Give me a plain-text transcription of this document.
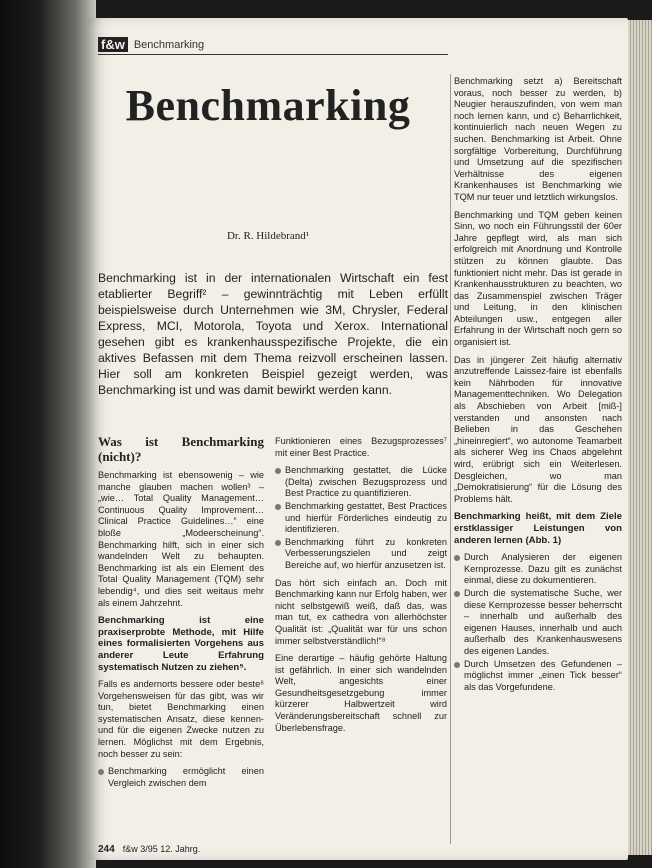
f&w Benchmarking
Benchmarking
Dr. R. Hildebrand¹
Benchmarking ist in der internationalen Wirtschaft ein fest etablierter Begriff² – gewinnträchtig mit Leben erfüllt beispielsweise durch Unternehmen wie 3M, Chrysler, Federal Express, MCI, Motorola, Toyota und Xerox. International gesehen gibt es krankenhausspezifische Projekte, die ein aktives Befassen mit dem Thema reizvoll erscheinen lassen. Hier soll am konkreten Beispiel gezeigt werden, was Benchmarking ist und was damit bewirkt werden kann.
Was ist Benchmarking (nicht)?

Benchmarking ist ebensowenig – wie manche glauben machen wollen³ – „wie… Total Quality Management… Continuous Quality Improvement… Clinical Practice Guidelines…“ eine bloße „Modeerscheinung“. Benchmarking hilft, sich in einer sich wandelnden Welt zu behaupten. Benchmarking ist als ein Element des Total Quality Management (TQM) sehr lebendig⁴, und dies seit weitaus mehr als einem Jahrzehnt.

Benchmarking ist eine praxiserprobte Methode, mit Hilfe eines formalisierten Vorgehens aus anderer Leute Erfahrung systematisch Nutzen zu ziehen⁵.

Falls es andernorts bessere oder beste⁶ Vorgehensweisen für das gibt, was wir tun, bietet Benchmarking einen systematischen Ansatz, diese kennen- und für die eigenen Zwecke nutzen zu lernen. Möglichst mit dem Ergebnis, noch besser zu sein:

Benchmarking ermöglicht einen Vergleich zwischen dem

Funktionieren eines Bezugsprozesses⁷ mit einer Best Practice.

Benchmarking gestattet, die Lücke (Delta) zwischen Bezugsprozess und Best Practice zu quantifizieren.
Benchmarking gestattet, Best Practices und hierfür Förderliches eindeutig zu identifizieren.
Benchmarking führt zu konkreten Verbesserungszielen und zeigt Bereiche auf, wo hierfür anzusetzen ist.

Das hört sich einfach an. Doch mit Benchmarking kann nur Erfolg haben, wer nicht selbstgewiß weiß, daß das, was man tut, ex cathedra von allerhöchster Qualität ist: „Qualität war für uns schon immer selbstverständlich!“⁸

Eine derartige – häufig gehörte Haltung ist gefährlich. In einer sich wandelnden Welt, angesichts einer Gesundheitsgesetzgebung immer kürzerer Halbwertzeit wird Veränderungsbereitschaft schnell zur Überlebensfrage.

Benchmarking setzt a) Bereitschaft voraus, noch besser zu werden, b) Neugier herauszufinden, von wem man noch lernen kann, und c) Beharrlichkeit, kontinuierlich nach neuen Wegen zu suchen. Benchmarking ist Arbeit. Ohne sorgfältige Vorbereitung, Durchführung und Umsetzung auf die spezifischen Verhältnisse des eigenen Krankenhauses ist Benchmarking wie TQM nur teuer und letztlich wirkungslos.

Benchmarking und TQM geben keinen Sinn, wo noch ein Führungsstil der 60er Jahre gepflegt wird, als man sich erfolgreich mit Anordnung und Kontrolle stützen zu können glaubte. Das funktioniert nicht mehr. Das ist gerade in Krankenhausstrukturen zu beachten, wo das Zusammenspiel zwischen Träger und Leitung, in den klinischen Abteilungen usw., entgegen aller Erfahrung in der Wirtschaft noch gern so organisiert ist.

Das in jüngerer Zeit häufig alternativ anzutreffende Laissez-faire ist ebenfalls kein Nährboden für innovative Managementtechniken. Wo Delegation als Abschieben von Arbeit [miß-] verstanden und ansonsten nach Belieben in das Geschehen „hineinregiert“, wo autonome Teamarbeit als sicherer Weg ins Chaos abgelehnt wird, erübrigt sich ein Weiterlesen. Desgleichen, wo man „Demokratisierung“ für die Lösung des Problems hält.

Benchmarking heißt, mit dem Ziele erstklassiger Leistungen von anderen lernen (Abb. 1)
Durch Analysieren der eigenen Kernprozesse. Dazu gilt es zunächst einmal, diese zu dokumentieren.
Durch die systematische Suche, wer diese Kernprozesse besser beherrscht – innerhalb und außerhalb des eigenen Hauses, innerhalb und auch außerhalb des Krankenhauswesens des eigenen Landes.
Durch Umsetzen des Gefundenen – möglichst immer „einen Tick besser“ als das Vorgefundene.
244 f&w 3/95 12. Jahrg.
